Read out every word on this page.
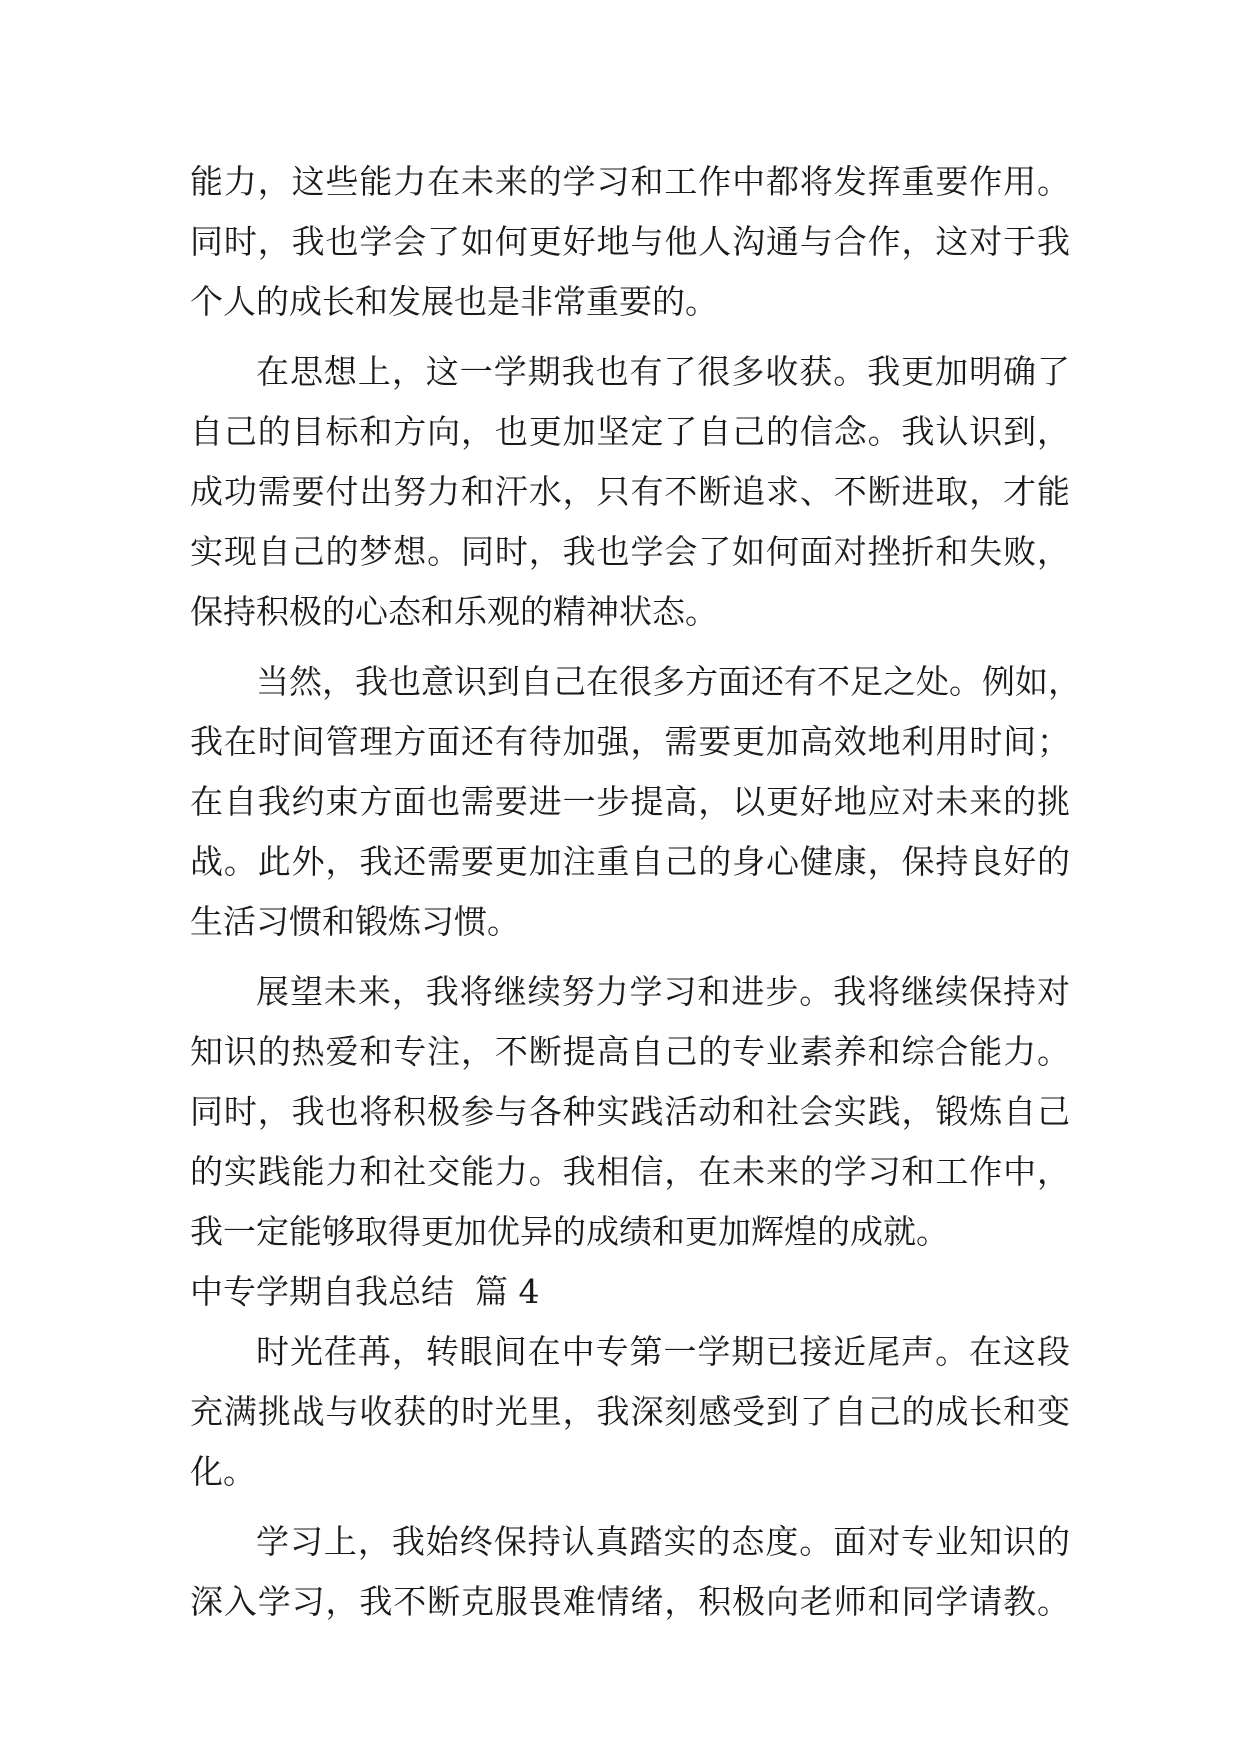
能力，这些能力在未来的学习和工作中都将发挥重要作用。
同时，我也学会了如何更好地与他人沟通与合作，这对于我
个人的成长和发展也是非常重要的。
在思想上，这一学期我也有了很多收获。我更加明确了
自己的目标和方向，也更加坚定了自己的信念。我认识到，
成功需要付出努力和汗水，只有不断追求、不断进取，才能
实现自己的梦想。同时，我也学会了如何面对挫折和失败，
保持积极的心态和乐观的精神状态。
当然，我也意识到自己在很多方面还有不足之处。例如，
我在时间管理方面还有待加强，需要更加高效地利用时间；
在自我约束方面也需要进一步提高，以更好地应对未来的挑
战。此外，我还需要更加注重自己的身心健康，保持良好的
生活习惯和锻炼习惯。
展望未来，我将继续努力学习和进步。我将继续保持对
知识的热爱和专注，不断提高自己的专业素养和综合能力。
同时，我也将积极参与各种实践活动和社会实践，锻炼自己
的实践能力和社交能力。我相信，在未来的学习和工作中，
我一定能够取得更加优异的成绩和更加辉煌的成就。
中专学期自我总结  篇 4
时光荏苒，转眼间在中专第一学期已接近尾声。在这段
充满挑战与收获的时光里，我深刻感受到了自己的成长和变
化。
学习上，我始终保持认真踏实的态度。面对专业知识的
深入学习，我不断克服畏难情绪，积极向老师和同学请教。
